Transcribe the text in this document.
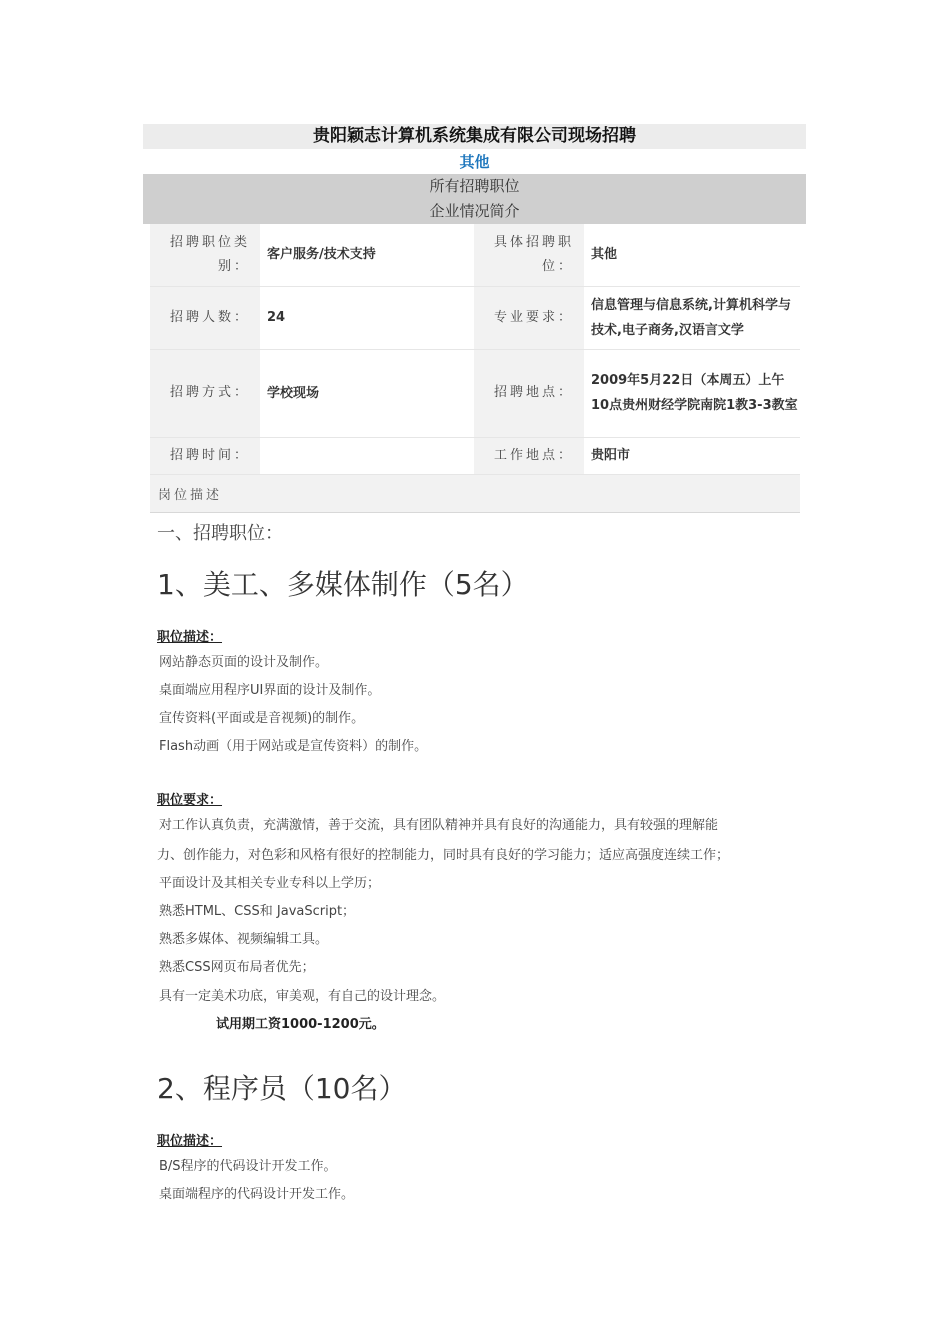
贵阳颖志计算机系统集成有限公司现场招聘
其他
所有招聘职位
企业情况简介
招聘职位类别：	客户服务/技术支持	具体招聘职位：	其他
招聘人数：	24	专业要求：	信息管理与信息系统,计算机科学与技术,电子商务,汉语言文学
招聘方式：	学校现场	招聘地点：	2009年5月22日（本周五）上午10点贵州财经学院南院1教3-3教室
招聘时间：		工作地点：	贵阳市
岗位描述			
一、招聘职位：
1、美工、多媒体制作（5名）
职位描述：
网站静态页面的设计及制作。
桌面端应用程序UI界面的设计及制作。
宣传资料(平面或是音视频)的制作。
Flash动画（用于网站或是宣传资料）的制作。
职位要求：
对工作认真负责，充满激情，善于交流，具有团队精神并具有良好的沟通能力，具有较强的理解能
力、创作能力，对色彩和风格有很好的控制能力，同时具有良好的学习能力；适应高强度连续工作；
平面设计及其相关专业专科以上学历；
熟悉HTML、CSS和 JavaScript；
熟悉多媒体、视频编辑工具。
熟悉CSS网页布局者优先；
具有一定美术功底，审美观，有自己的设计理念。
试用期工资1000-1200元。
2、程序员（10名）
职位描述：
B/S程序的代码设计开发工作。
桌面端程序的代码设计开发工作。
